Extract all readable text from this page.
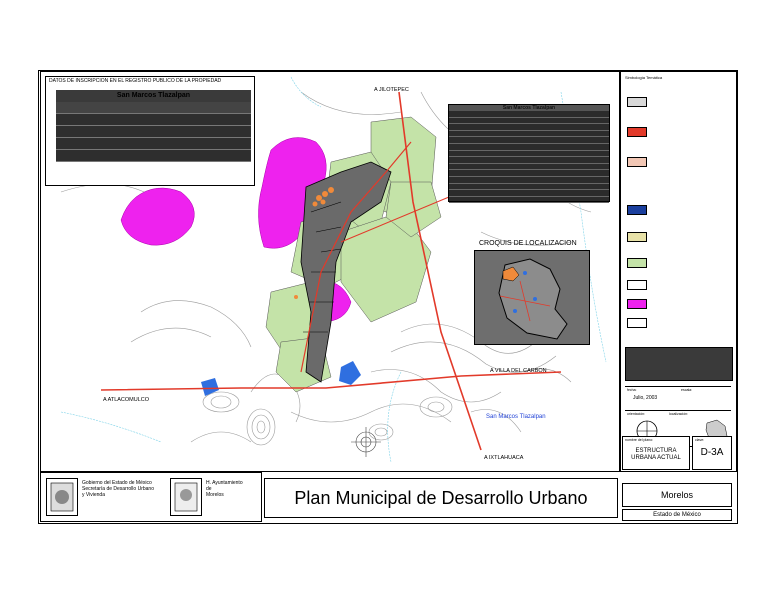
DATOS DE INSCRIPCION EN EL REGISTRO PUBLICO DE LA PROPIEDAD
San Marcos Tlazalpan
San Marcos Tlazalpan
CROQUIS DE LOCALIZACION
A JILOTEPEC
A VILLA DEL CARBON
A ATLACOMULCO
A IXTLAHUACA
San Marcos Tlazalpan
Simbología Temática
fecha:
Julio, 2003
escala:
orientación:	localización:
nombre del plano:
ESTRUCTURA URBANA ACTUAL
clave:
D-3A
Gobierno del Estado de México
Secretaría de Desarrollo Urbano
y Vivienda
H. Ayuntamiento
de
Morelos	Plan Municipal de Desarrollo Urbano	Morelos
Estado de México
